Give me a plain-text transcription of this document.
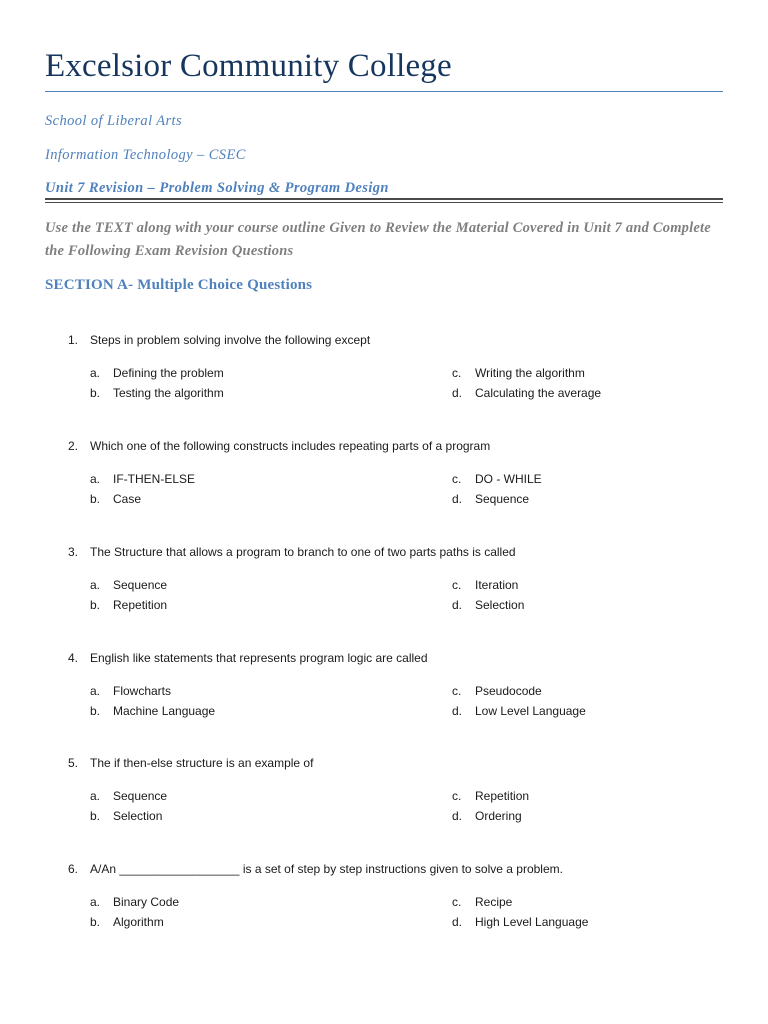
Excelsior Community College
School of Liberal Arts
Information Technology – CSEC
Unit 7 Revision – Problem Solving & Program Design

Use the TEXT along with your course outline Given to Review the Material Covered in Unit 7 and Complete the Following Exam Revision Questions

SECTION A- Multiple Choice Questions
1. Steps in problem solving involve the following except
a. Defining the problem
b. Testing the algorithm
c. Writing the algorithm
d. Calculating the average
2. Which one of the following constructs includes repeating parts of a program
a. IF-THEN-ELSE
b. Case
c. DO - WHILE
d. Sequence
3. The Structure that allows a program to branch to one of two parts paths is called
a. Sequence
b. Repetition
c. Iteration
d. Selection
4. English like statements that represents program logic are called
a. Flowcharts
b. Machine Language
c. Pseudocode
d. Low Level Language
5. The if then-else structure is an example of
a. Sequence
b. Selection
c. Repetition
d. Ordering
6. A/An __________________ is a set of step by step instructions given to solve a problem.
a. Binary Code
b. Algorithm
c. Recipe
d. High Level Language
